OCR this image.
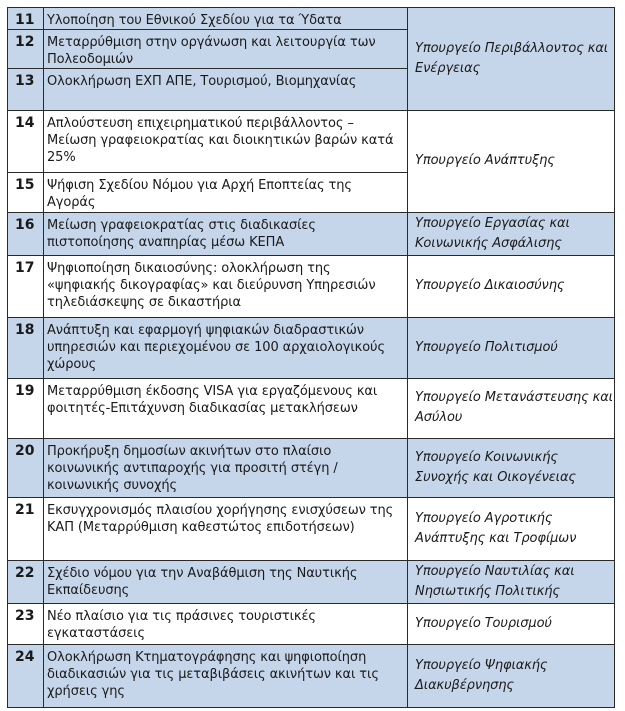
11 Υλοποίηση του Εθνικού Σχεδίου για τα Ύδατα
12 Μεταρρύθμιση στην οργάνωση και λειτουργία των Πολεοδομιών
13 Ολοκλήρωση ΕΧΠ ΑΠΕ, Τουρισμού, Βιομηχανίας
14 Απλούστευση επιχειρηματικού περιβάλλοντος – Μείωση γραφειοκρατίας και διοικητικών βαρών κατά 25%
15 Ψήφιση Σχεδίου Νόμου για Αρχή Εποπτείας της Αγοράς
16 Μείωση γραφειοκρατίας στις διαδικασίες πιστοποίησης αναπηρίας μέσω ΚΕΠΑ
17 Ψηφιοποίηση δικαιοσύνης: ολοκλήρωση της «ψηφιακής δικογραφίας» και διεύρυνση Υπηρεσιών τηλεδιάσκεψης σε δικαστήρια
18 Ανάπτυξη και εφαρμογή ψηφιακών διαδραστικών υπηρεσιών και περιεχομένου σε 100 αρχαιολογικούς χώρους
19 Μεταρρύθμιση έκδοσης VISA για εργαζόμενους και φοιτητές-Επιτάχυνση διαδικασίας μετακλήσεων
20 Προκήρυξη δημοσίων ακινήτων στο πλαίσιο κοινωνικής αντιπαροχής για προσιτή στέγη / κοινωνικής συνοχής
21 Εκσυγχρονισμός πλαισίου χορήγησης ενισχύσεων της ΚΑΠ (Μεταρρύθμιση καθεστώτος επιδοτήσεων)
22 Σχέδιο νόμου για την Αναβάθμιση της Ναυτικής Εκπαίδευσης
23 Νέο πλαίσιο για τις πράσινες τουριστικές εγκαταστάσεις
24 Ολοκλήρωση Κτηματογράφησης και ψηφιοποίηση διαδικασιών για τις μεταβιβάσεις ακινήτων και τις χρήσεις γης
Υπουργείο Περιβάλλοντος και Ενέργειας
Υπουργείο Ανάπτυξης
Υπουργείο Εργασίας και Κοινωνικής Ασφάλισης
Υπουργείο Δικαιοσύνης
Υπουργείο Πολιτισμού
Υπουργείο Μετανάστευσης και Ασύλου
Υπουργείο Κοινωνικής Συνοχής και Οικογένειας
Υπουργείο Αγροτικής Ανάπτυξης και Τροφίμων
Υπουργείο Ναυτιλίας και Νησιωτικής Πολιτικής
Υπουργείο Τουρισμού
Υπουργείο Ψηφιακής Διακυβέρνησης
